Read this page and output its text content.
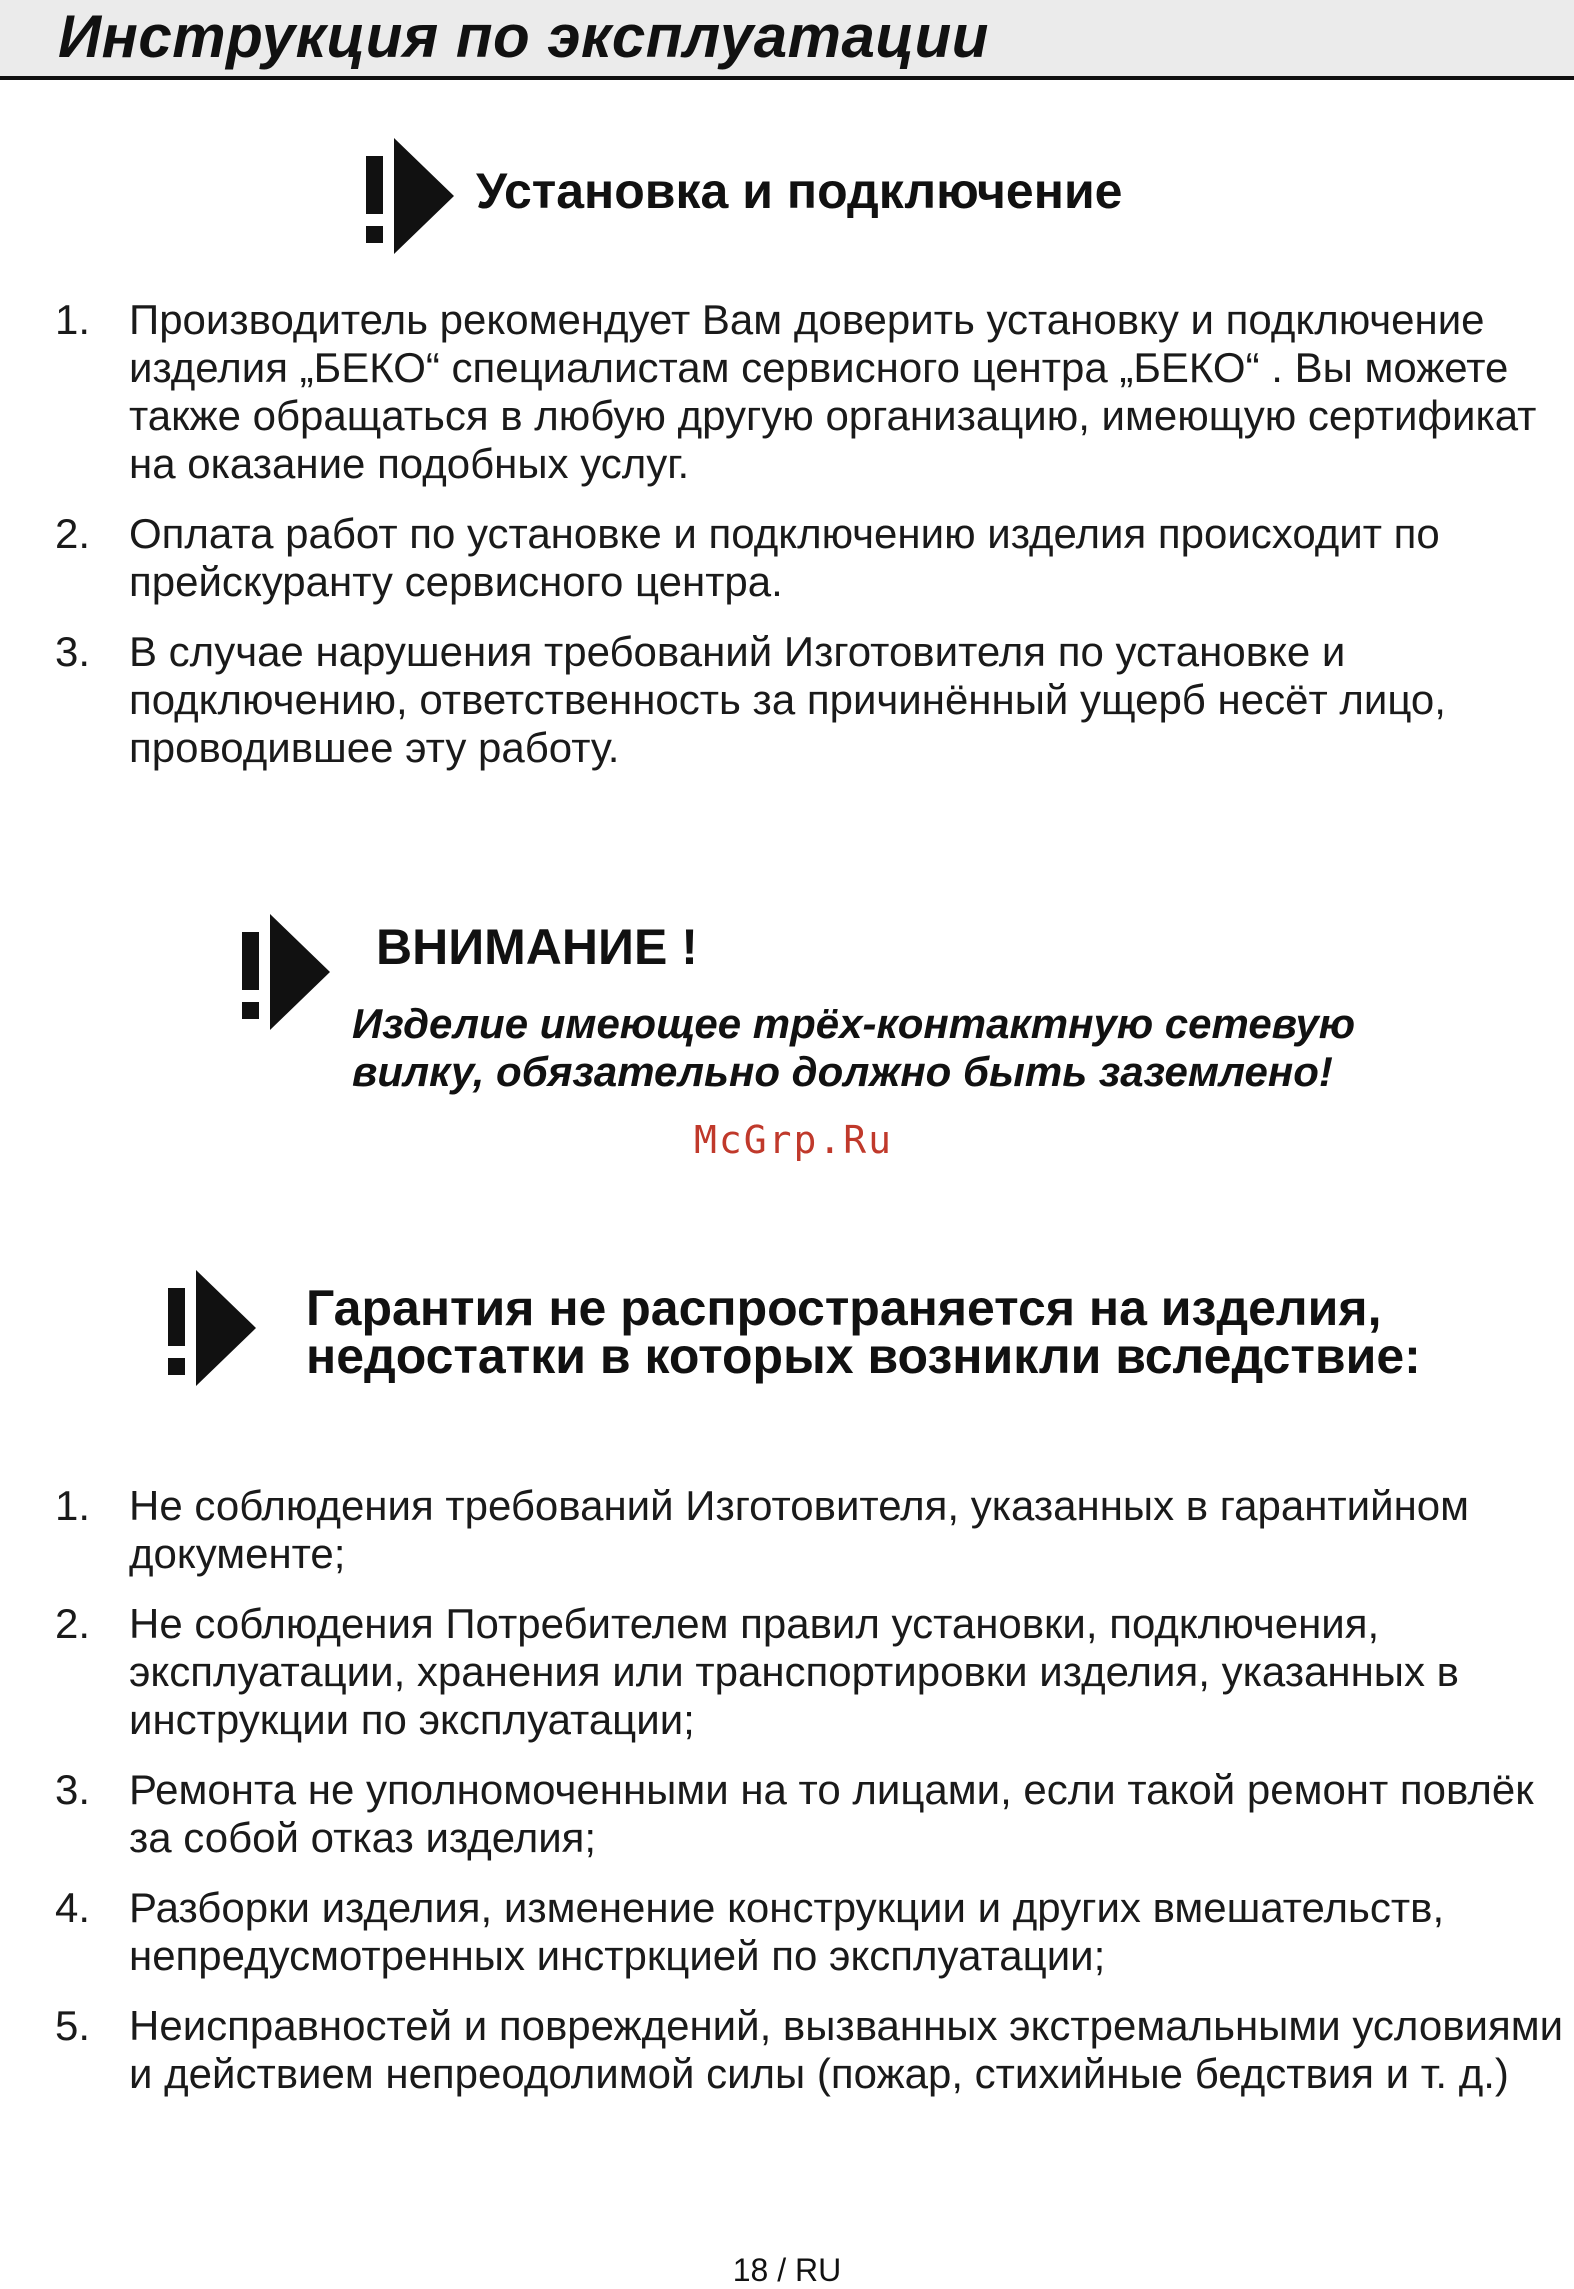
Инструкция по эксплуатации
Установка и подключение
1. Производитель рекомендует Вам доверить установку и подключение изделия „БЕКО“ специалистам сервисного центра „БЕКО“ . Вы можете также обращаться в любую другую организацию, имеющую сертификат на оказание подобных услуг.
2. Оплата работ по установке и подключению изделия происходит по прейскуранту сервисного центра.
3. В случае нарушения требований Изготовителя по установке и подключению, ответственность за причинённый ущерб несёт лицо, проводившее эту работу.
ВНИМАНИЕ !
Изделие имеющее трёх-контактную сетевую
вилку, обязательно должно быть заземлено!
McGrp.Ru
Гарантия не распространяется на изделия,
недостатки в которых возникли вследствие:
1. Не соблюдения требований Изготовителя, указанных в гарантийном документе;
2. Не соблюдения Потребителем правил установки, подключения, эксплуатации, хранения или транспортировки изделия, указанных в инструкции по эксплуатации;
3. Ремонта не уполномоченными на то лицами, если такой ремонт повлёк за собой отказ изделия;
4. Разборки изделия, изменение конструкции и других вмешательств, непредусмотренных инстркцией по эксплуатации;
5. Неисправностей и повреждений, вызванных экстремальными условиями и действием непреодолимой силы (пожар, стихийные бедствия и т. д.)
18 / RU
